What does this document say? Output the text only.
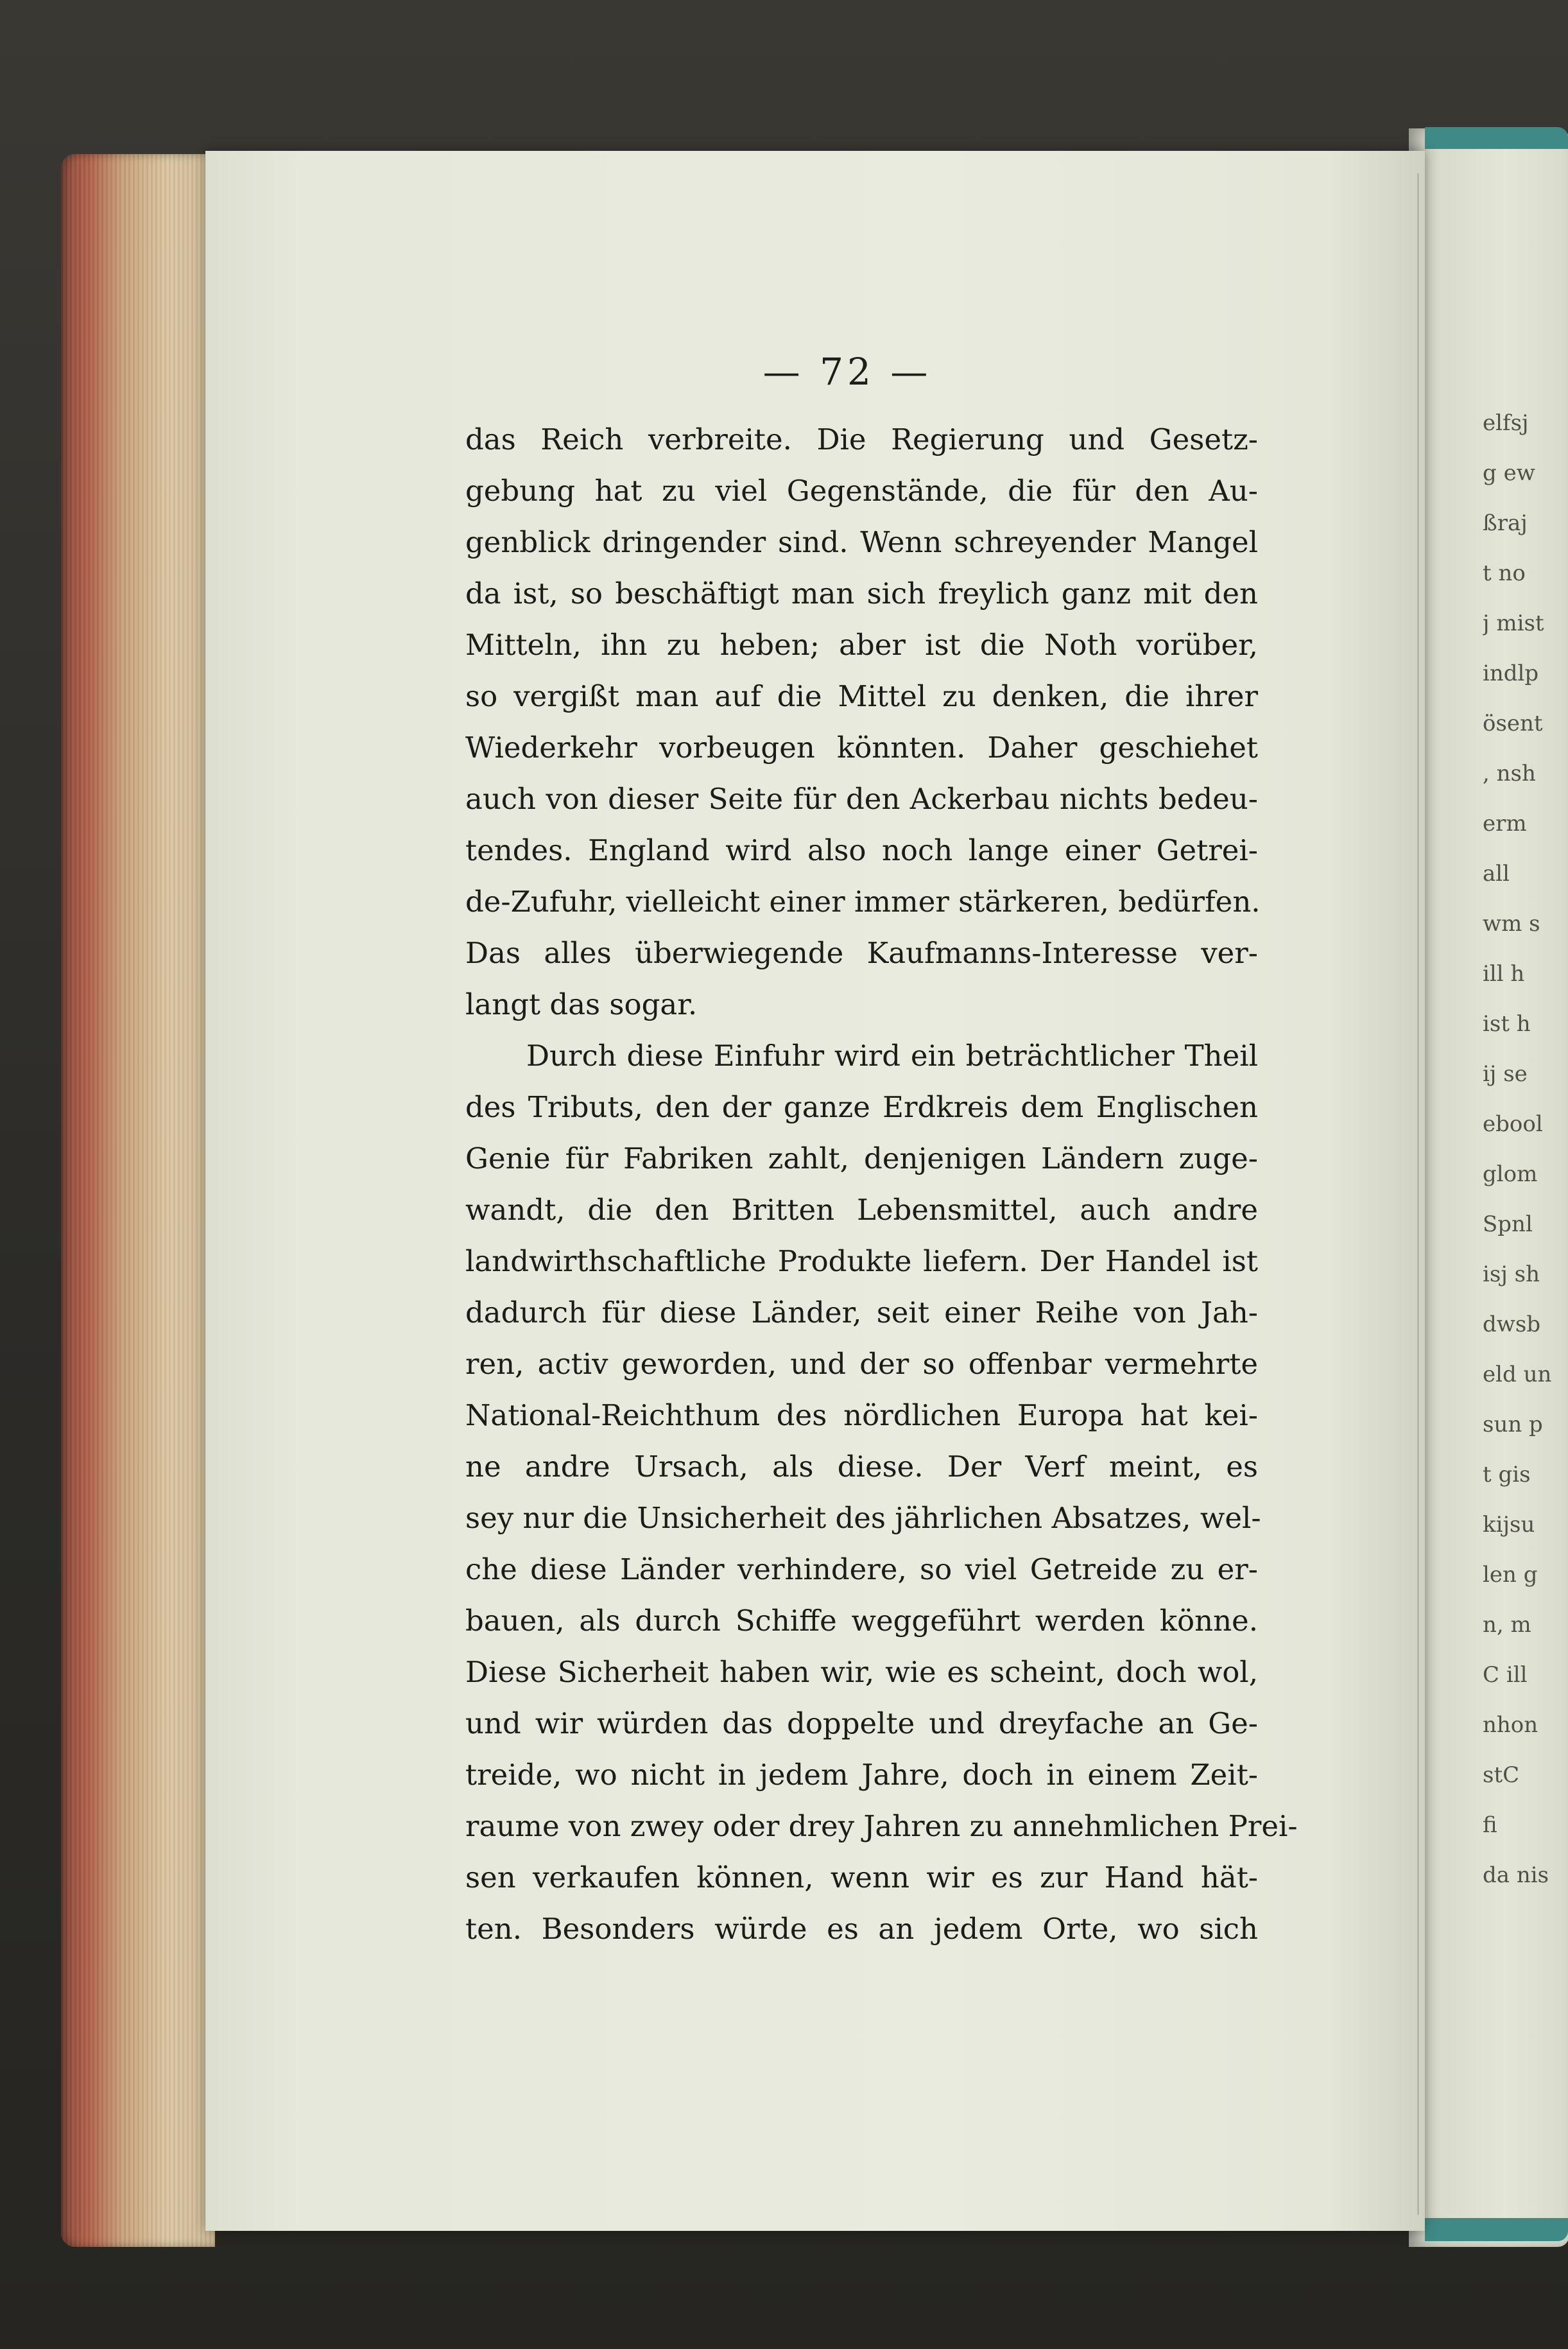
elfsj
g ew
ßraj
t no
j mist
indlp
ösent
, nsh
erm
all
wm s
ill h
ist h
ij se
ebool
glom
Spnl
isj sh
dwsb
eld un
sun p
t gis
kijsu
len g
n, m
C ill
nhon
stC
fi
da nis
— 72 —
das Reich verbreite. Die Regierung und Gesetz-
gebung hat zu viel Gegenstände, die für den Au-
genblick dringender sind. Wenn schreyender Mangel
da ist, so beschäftigt man sich freylich ganz mit den
Mitteln, ihn zu heben; aber ist die Noth vorüber,
so vergißt man auf die Mittel zu denken, die ihrer
Wiederkehr vorbeugen könnten. Daher geschiehet
auch von dieser Seite für den Ackerbau nichts bedeu-
tendes. England wird also noch lange einer Getrei-
de-Zufuhr, vielleicht einer immer stärkeren, bedürfen.
Das alles überwiegende Kaufmanns-Interesse ver-
langt das sogar.
Durch diese Einfuhr wird ein beträchtlicher Theil
des Tributs, den der ganze Erdkreis dem Englischen
Genie für Fabriken zahlt, denjenigen Ländern zuge-
wandt, die den Britten Lebensmittel, auch andre
landwirthschaftliche Produkte liefern. Der Handel ist
dadurch für diese Länder, seit einer Reihe von Jah-
ren, activ geworden, und der so offenbar vermehrte
National-Reichthum des nördlichen Europa hat kei-
ne andre Ursach, als diese. Der Verf meint, es
sey nur die Unsicherheit des jährlichen Absatzes, wel-
che diese Länder verhindere, so viel Getreide zu er-
bauen, als durch Schiffe weggeführt werden könne.
Diese Sicherheit haben wir, wie es scheint, doch wol,
und wir würden das doppelte und dreyfache an Ge-
treide, wo nicht in jedem Jahre, doch in einem Zeit-
raume von zwey oder drey Jahren zu annehmlichen Prei-
sen verkaufen können, wenn wir es zur Hand hät-
ten. Besonders würde es an jedem Orte, wo sich
